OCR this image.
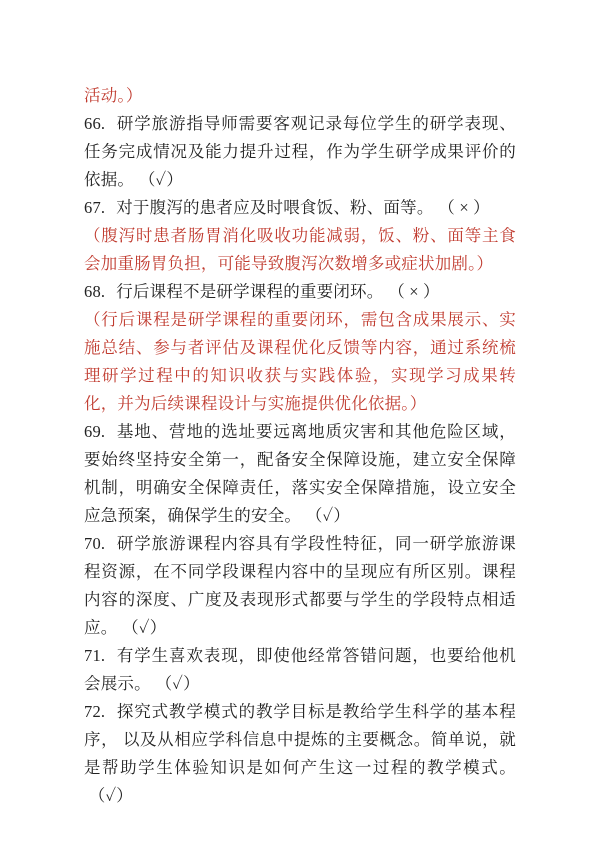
活动。）

66. 研学旅游指导师需要客观记录每位学生的研学表现、任务完成情况及能力提升过程，作为学生研学成果评价的依据。 （✓）

67. 对于腹泻的患者应及时喂食饭、粉、面等。 （ × ）

（腹泻时患者肠胃消化吸收功能减弱，饭、粉、面等主食会加重肠胃负担，可能导致腹泻次数增多或症状加剧。）

68. 行后课程不是研学课程的重要闭环。 （ × ）

（行后课程是研学课程的重要闭环，需包含成果展示、实施总结、参与者评估及课程优化反馈等内容，通过系统梳理研学过程中的知识收获与实践体验，实现学习成果转化，并为后续课程设计与实施提供优化依据。）

69. 基地、营地的选址要远离地质灾害和其他危险区域，要始终坚持安全第一，配备安全保障设施，建立安全保障机制，明确安全保障责任，落实安全保障措施，设立安全应急预案，确保学生的安全。 （✓）

70. 研学旅游课程内容具有学段性特征，同一研学旅游课程资源，在不同学段课程内容中的呈现应有所区别。课程内容的深度、广度及表现形式都要与学生的学段特点相适应。 （✓）

71. 有学生喜欢表现，即使他经常答错问题，也要给他机会展示。 （✓）

72. 探究式教学模式的教学目标是教给学生科学的基本程序， 以及从相应学科信息中提炼的主要概念。简单说，就是帮助学生体验知识是如何产生这一过程的教学模式。（✓）
